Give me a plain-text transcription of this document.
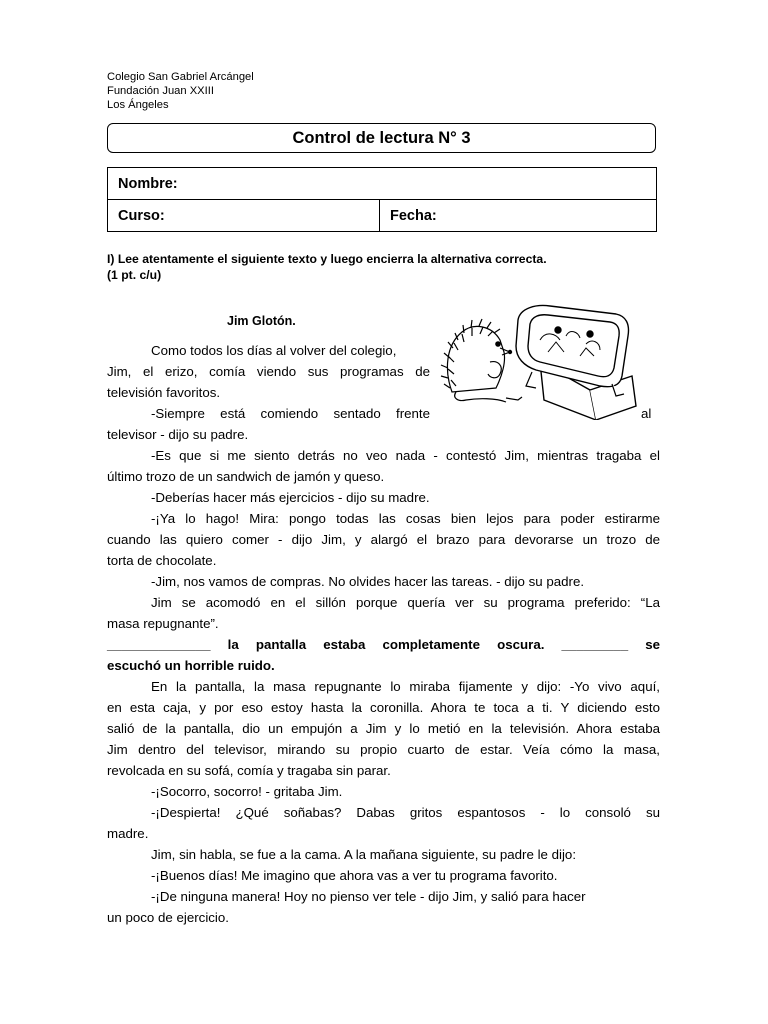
Colegio San Gabriel Arcángel
Fundación Juan XXIII
Los Ángeles
Control de lectura N° 3
Nombre:
Curso:	Fecha:
I) Lee atentamente el siguiente texto y luego encierra la alternativa correcta.
(1 pt. c/u)
Jim Glotón.
Como todos los días al volver del colegio,
Jim, el erizo, comía viendo sus programas de
televisión favoritos.
-Siempre está comiendo sentado frente	al
televisor - dijo su padre.
-Es que si me siento detrás no veo nada - contestó Jim, mientras tragaba el
último trozo de un sandwich de jamón y queso.
-Deberías hacer más ejercicios - dijo su madre.
-¡Ya lo hago! Mira: pongo todas las cosas bien lejos para poder estirarme
cuando las quiero comer - dijo Jim, y alargó el brazo para devorarse un trozo de
torta de chocolate.
-Jim, nos vamos de compras. No olvides hacer las tareas. - dijo su padre.
Jim se acomodó en el sillón porque quería ver su programa preferido: “La
masa repugnante”.
______________ la pantalla estaba completamente oscura. _________ se
escuchó un horrible ruido.
En la pantalla, la masa repugnante lo miraba fijamente y dijo: -Yo vivo aquí,
en esta caja, y por eso estoy hasta la coronilla. Ahora te toca a ti. Y diciendo esto
salió de la pantalla, dio un empujón a Jim y lo metió en la televisión. Ahora estaba
Jim dentro del televisor, mirando su propio cuarto de estar. Veía cómo la masa,
revolcada en su sofá, comía y tragaba sin parar.
-¡Socorro, socorro! - gritaba Jim.
-¡Despierta! ¿Qué soñabas? Dabas gritos espantosos - lo consoló su
madre.
Jim, sin habla, se fue a la cama. A la mañana siguiente, su padre le dijo:
-¡Buenos días! Me imagino que ahora vas a ver tu programa favorito.
-¡De ninguna manera! Hoy no pienso ver tele - dijo Jim, y salió para hacer
un poco de ejercicio.
